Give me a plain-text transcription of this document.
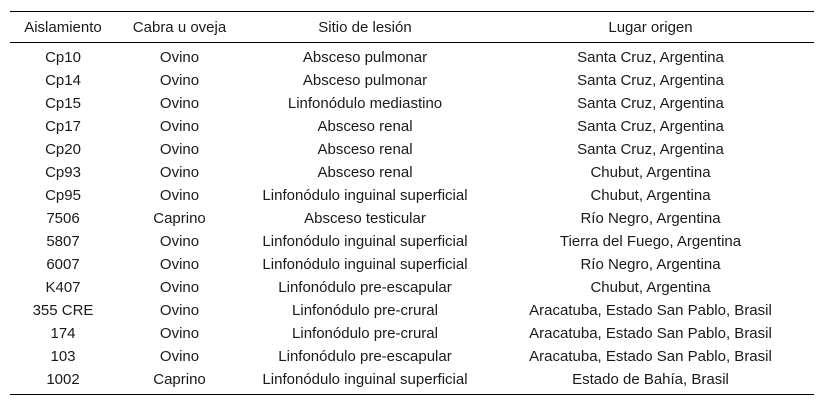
Aislamiento	Cabra u oveja	Sitio de lesión	Lugar origen
Cp10	Ovino	Absceso pulmonar	Santa Cruz, Argentina
Cp14	Ovino	Absceso pulmonar	Santa Cruz, Argentina
Cp15	Ovino	Linfonódulo mediastino	Santa Cruz, Argentina
Cp17	Ovino	Absceso renal	Santa Cruz, Argentina
Cp20	Ovino	Absceso renal	Santa Cruz, Argentina
Cp93	Ovino	Absceso renal	Chubut, Argentina
Cp95	Ovino	Linfonódulo inguinal superficial	Chubut, Argentina
7506	Caprino	Absceso testicular	Río Negro, Argentina
5807	Ovino	Linfonódulo inguinal superficial	Tierra del Fuego, Argentina
6007	Ovino	Linfonódulo inguinal superficial	Río Negro, Argentina
K407	Ovino	Linfonódulo pre-escapular	Chubut, Argentina
355 CRE	Ovino	Linfonódulo pre-crural	Aracatuba, Estado San Pablo, Brasil
174	Ovino	Linfonódulo pre-crural	Aracatuba, Estado San Pablo, Brasil
103	Ovino	Linfonódulo pre-escapular	Aracatuba, Estado San Pablo, Brasil
1002	Caprino	Linfonódulo inguinal superficial	Estado de Bahía, Brasil
